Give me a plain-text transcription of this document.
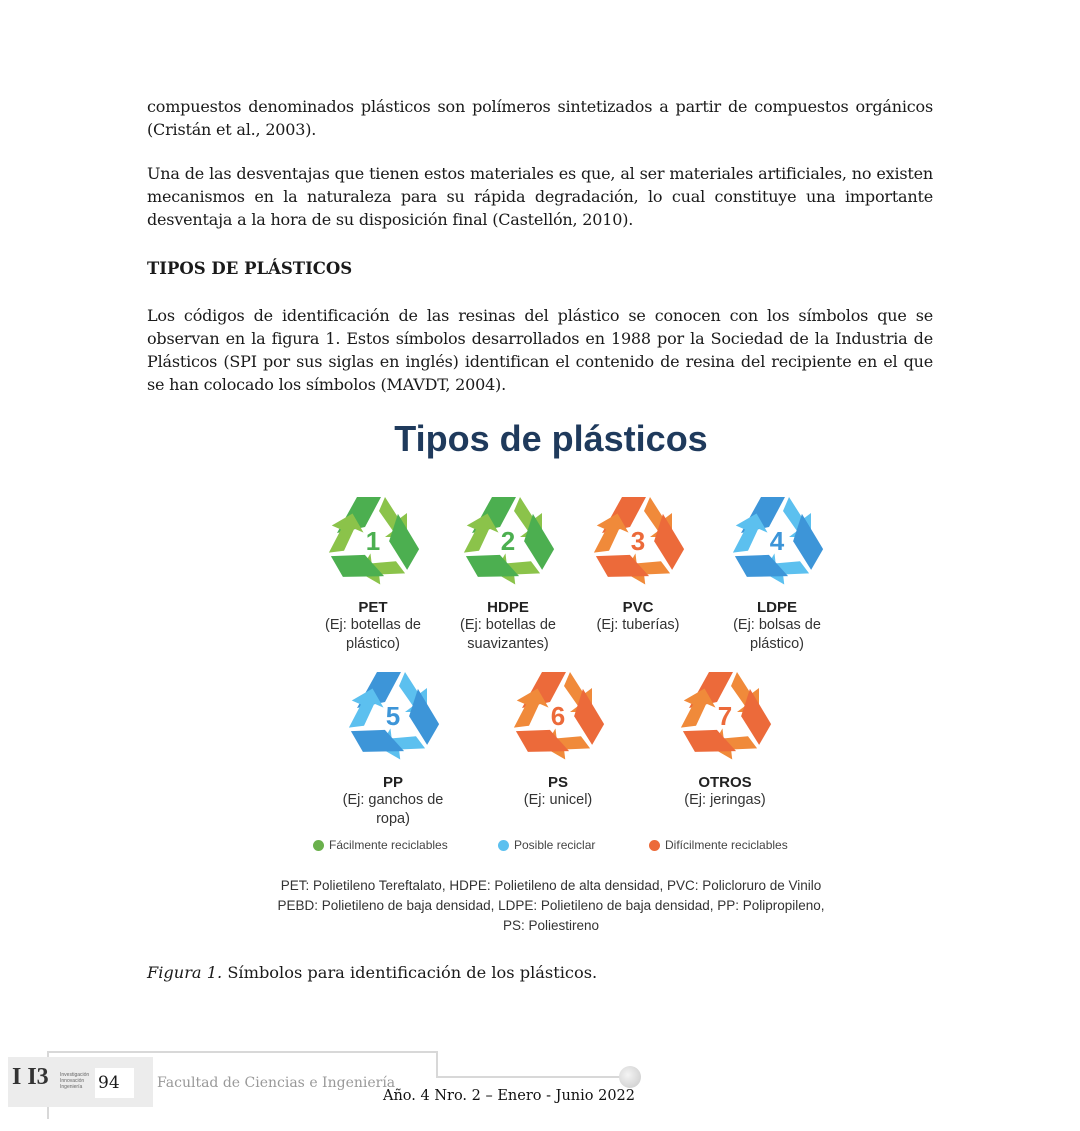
compuestos denominados plásticos son polímeros sintetizados a partir de compuestos orgánicos (Cristán et al., 2003).

Una de las desventajas que tienen estos materiales es que, al ser materiales artificiales, no existen mecanismos en la naturaleza para su rápida degradación, lo cual constituye una importante desventaja a la hora de su disposición final (Castellón, 2010).

TIPOS DE PLÁSTICOS

Los códigos de identificación de las resinas del plástico se conocen con los símbolos que se observan en la figura 1. Estos símbolos desarrollados en 1988 por la Sociedad de la Industria de Plásticos (SPI por sus siglas en inglés) identifican el contenido de resina del recipiente en el que se han colocado los símbolos (MAVDT, 2004).

Tipos de plásticos
1
PET
(Ej: botellas de plástico)
2
HDPE
(Ej: botellas de suavizantes)
3
PVC
(Ej: tuberías)
4
LDPE
(Ej: bolsas de plástico)
5
PP
(Ej: ganchos de ropa)
6
PS
(Ej: unicel)
7
OTROS
(Ej: jeringas)
Fácilmente reciclables	Posible reciclar	Difícilmente reciclables
PET: Polietileno Tereftalato, HDPE: Polietileno de alta densidad, PVC: Policloruro de Vinilo
PEBD: Polietileno de baja densidad, LDPE: Polietileno de baja densidad, PP: Polipropileno,
PS: Poliestireno
Figura 1. Símbolos para identificación de los plásticos.
I I3 Investigación Innovación Ingeniería 94	Facultad de Ciencias e Ingeniería
Año. 4 Nro. 2 – Enero - Junio 2022
